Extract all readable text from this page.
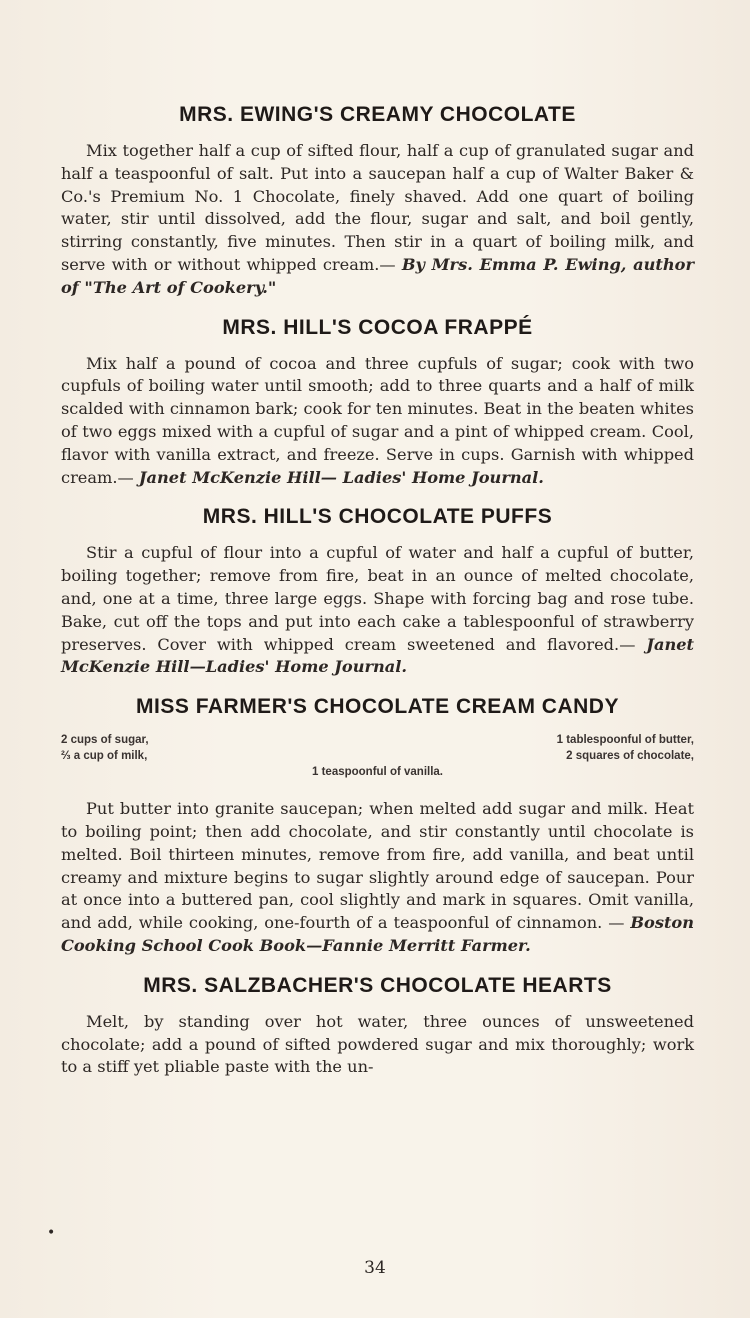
MRS. EWING'S CREAMY CHOCOLATE

Mix together half a cup of sifted flour, half a cup of granulated sugar and half a teaspoonful of salt. Put into a saucepan half a cup of Walter Baker & Co.'s Premium No. 1 Chocolate, finely shaved. Add one quart of boiling water, stir until dissolved, add the flour, sugar and salt, and boil gently, stirring constantly, five minutes. Then stir in a quart of boiling milk, and serve with or without whipped cream.— By Mrs. Emma P. Ewing, author of "The Art of Cookery."

MRS. HILL'S COCOA FRAPPÉ

Mix half a pound of cocoa and three cupfuls of sugar; cook with two cupfuls of boiling water until smooth; add to three quarts and a half of milk scalded with cinnamon bark; cook for ten minutes. Beat in the beaten whites of two eggs mixed with a cupful of sugar and a pint of whipped cream. Cool, flavor with vanilla extract, and freeze. Serve in cups. Garnish with whipped cream.— Janet McKenzie Hill— Ladies' Home Journal.

MRS. HILL'S CHOCOLATE PUFFS

Stir a cupful of flour into a cupful of water and half a cupful of butter, boiling together; remove from fire, beat in an ounce of melted chocolate, and, one at a time, three large eggs. Shape with forcing bag and rose tube. Bake, cut off the tops and put into each cake a tablespoonful of strawberry preserves. Cover with whipped cream sweetened and flavored.— Janet McKenzie Hill—Ladies' Home Journal.

MISS FARMER'S CHOCOLATE CREAM CANDY
2 cups of sugar,	1 tablespoonful of butter,
⅔ a cup of milk,	2 squares of chocolate,
1 teaspoonful of vanilla.

Put butter into granite saucepan; when melted add sugar and milk. Heat to boiling point; then add chocolate, and stir constantly until chocolate is melted. Boil thirteen minutes, remove from fire, add vanilla, and beat until creamy and mixture begins to sugar slightly around edge of saucepan. Pour at once into a buttered pan, cool slightly and mark in squares. Omit vanilla, and add, while cooking, one-fourth of a teaspoonful of cinnamon. — Boston Cooking School Cook Book—Fannie Merritt Farmer.

MRS. SALZBACHER'S CHOCOLATE HEARTS

Melt, by standing over hot water, three ounces of unsweetened chocolate; add a pound of sifted powdered sugar and mix thoroughly; work to a stiff yet pliable paste with the un-

•
34
